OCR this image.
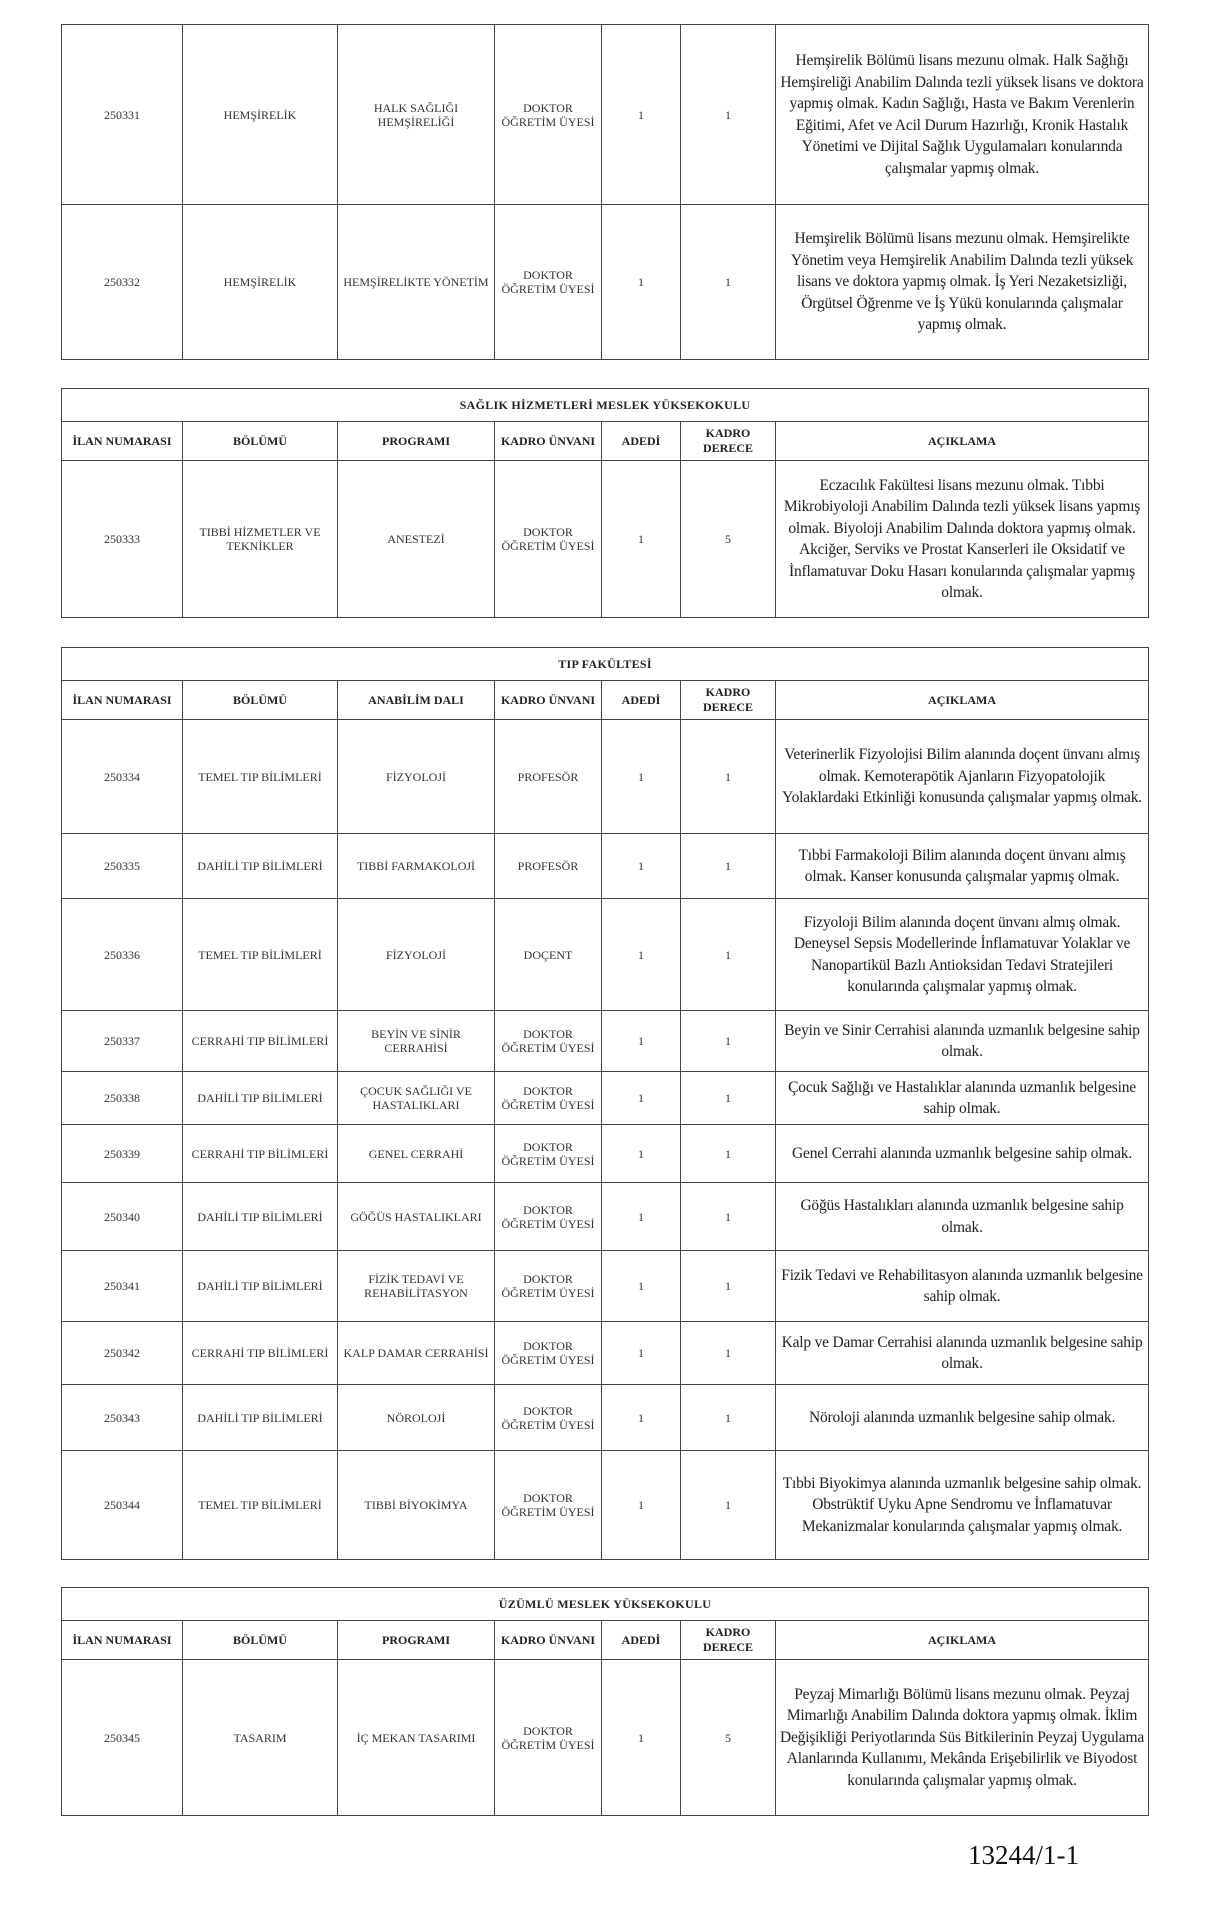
250331	HEMŞİRELİK	HALK SAĞLIĞI HEMŞİRELİĞİ	DOKTOR ÖĞRETİM ÜYESİ	1	1	Hemşirelik Bölümü lisans mezunu olmak. Halk Sağlığı Hemşireliği Anabilim Dalında tezli yüksek lisans ve doktora yapmış olmak. Kadın Sağlığı, Hasta ve Bakım Verenlerin Eğitimi, Afet ve Acil Durum Hazırlığı, Kronik Hastalık Yönetimi ve Dijital Sağlık Uygulamaları konularında çalışmalar yapmış olmak.
250332	HEMŞİRELİK	HEMŞİRELİKTE YÖNETİM	DOKTOR ÖĞRETİM ÜYESİ	1	1	Hemşirelik Bölümü lisans mezunu olmak. Hemşirelikte Yönetim veya Hemşirelik Anabilim Dalında tezli yüksek lisans ve doktora yapmış olmak. İş Yeri Nezaketsizliği, Örgütsel Öğrenme ve İş Yükü konularında çalışmalar yapmış olmak.
SAĞLIK HİZMETLERİ MESLEK YÜKSEKOKULU						
İLAN NUMARASI	BÖLÜMÜ	PROGRAMI	KADRO ÜNVANI	ADEDİ	KADRO DERECE	AÇIKLAMA
250333	TIBBİ HİZMETLER VE TEKNİKLER	ANESTEZİ	DOKTOR ÖĞRETİM ÜYESİ	1	5	Eczacılık Fakültesi lisans mezunu olmak. Tıbbi Mikrobiyoloji Anabilim Dalında tezli yüksek lisans yapmış olmak. Biyoloji Anabilim Dalında doktora yapmış olmak. Akciğer, Serviks ve Prostat Kanserleri ile Oksidatif ve İnflamatuvar Doku Hasarı konularında çalışmalar yapmış olmak.
TIP FAKÜLTESİ						
İLAN NUMARASI	BÖLÜMÜ	ANABİLİM DALI	KADRO ÜNVANI	ADEDİ	KADRO DERECE	AÇIKLAMA
250334	TEMEL TIP BİLİMLERİ	FİZYOLOJİ	PROFESÖR	1	1	Veterinerlik Fizyolojisi Bilim alanında doçent ünvanı almış olmak. Kemoterapötik Ajanların Fizyopatolojik Yolaklardaki Etkinliği konusunda çalışmalar yapmış olmak.
250335	DAHİLİ TIP BİLİMLERİ	TIBBİ FARMAKOLOJİ	PROFESÖR	1	1	Tıbbi Farmakoloji Bilim alanında doçent ünvanı almış olmak. Kanser konusunda çalışmalar yapmış olmak.
250336	TEMEL TIP BİLİMLERİ	FİZYOLOJİ	DOÇENT	1	1	Fizyoloji Bilim alanında doçent ünvanı almış olmak. Deneysel Sepsis Modellerinde İnflamatuvar Yolaklar ve Nanopartikül Bazlı Antioksidan Tedavi Stratejileri konularında çalışmalar yapmış olmak.
250337	CERRAHİ TIP BİLİMLERİ	BEYİN VE SİNİR CERRAHİSİ	DOKTOR ÖĞRETİM ÜYESİ	1	1	Beyin ve Sinir Cerrahisi alanında uzmanlık belgesine sahip olmak.
250338	DAHİLİ TIP BİLİMLERİ	ÇOCUK SAĞLIĞI VE HASTALIKLARI	DOKTOR ÖĞRETİM ÜYESİ	1	1	Çocuk Sağlığı ve Hastalıklar alanında uzmanlık belgesine sahip olmak.
250339	CERRAHİ TIP BİLİMLERİ	GENEL CERRAHİ	DOKTOR ÖĞRETİM ÜYESİ	1	1	Genel Cerrahi alanında uzmanlık belgesine sahip olmak.
250340	DAHİLİ TIP BİLİMLERİ	GÖĞÜS HASTALIKLARI	DOKTOR ÖĞRETİM ÜYESİ	1	1	Göğüs Hastalıkları alanında uzmanlık belgesine sahip olmak.
250341	DAHİLİ TIP BİLİMLERİ	FİZİK TEDAVİ VE REHABİLİTASYON	DOKTOR ÖĞRETİM ÜYESİ	1	1	Fizik Tedavi ve Rehabilitasyon alanında uzmanlık belgesine sahip olmak.
250342	CERRAHİ TIP BİLİMLERİ	KALP DAMAR CERRAHİSİ	DOKTOR ÖĞRETİM ÜYESİ	1	1	Kalp ve Damar Cerrahisi alanında uzmanlık belgesine sahip olmak.
250343	DAHİLİ TIP BİLİMLERİ	NÖROLOJİ	DOKTOR ÖĞRETİM ÜYESİ	1	1	Nöroloji alanında uzmanlık belgesine sahip olmak.
250344	TEMEL TIP BİLİMLERİ	TIBBİ BİYOKİMYA	DOKTOR ÖĞRETİM ÜYESİ	1	1	Tıbbi Biyokimya alanında uzmanlık belgesine sahip olmak. Obstrüktif Uyku Apne Sendromu ve İnflamatuvar Mekanizmalar konularında çalışmalar yapmış olmak.
ÜZÜMLÜ MESLEK YÜKSEKOKULU						
İLAN NUMARASI	BÖLÜMÜ	PROGRAMI	KADRO ÜNVANI	ADEDİ	KADRO DERECE	AÇIKLAMA
250345	TASARIM	İÇ MEKAN TASARIMI	DOKTOR ÖĞRETİM ÜYESİ	1	5	Peyzaj Mimarlığı Bölümü lisans mezunu olmak. Peyzaj Mimarlığı Anabilim Dalında doktora yapmış olmak. İklim Değişikliği Periyotlarında Süs Bitkilerinin Peyzaj Uygulama Alanlarında Kullanımı, Mekânda Erişebilirlik ve Biyodost konularında çalışmalar yapmış olmak.
13244/1-1
